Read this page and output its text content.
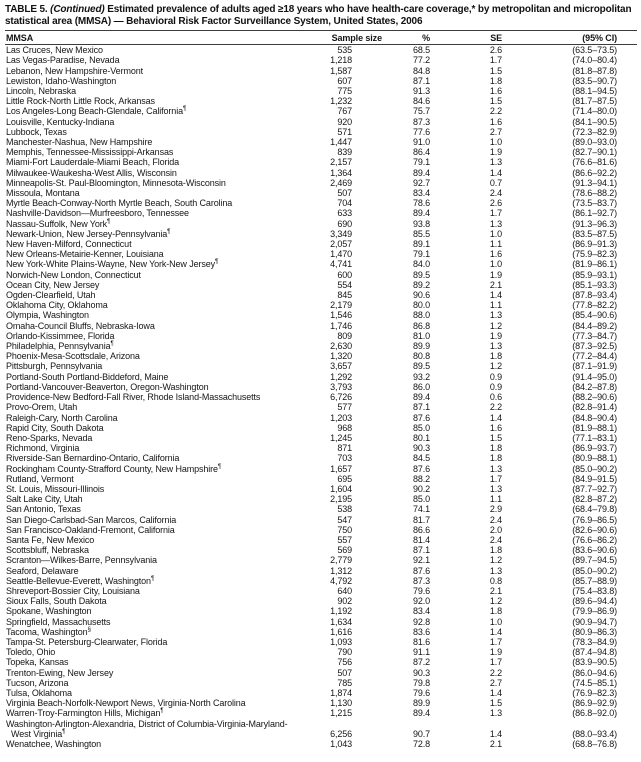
TABLE 5. (Continued) Estimated prevalence of adults aged ≥18 years who have health-care coverage,* by metropolitan and micropolitan statistical area (MMSA) — Behavioral Risk Factor Surveillance System, United States, 2006
MMSA	Sample size	%	SE	(95% CI)
Las Cruces, New Mexico	535	68.5	2.6	(63.5–73.5)
Las Vegas-Paradise, Nevada	1,218	77.2	1.7	(74.0–80.4)
Lebanon, New Hampshire-Vermont	1,587	84.8	1.5	(81.8–87.8)
Lewiston, Idaho-Washington	607	87.1	1.8	(83.5–90.7)
Lincoln, Nebraska	775	91.3	1.6	(88.1–94.5)
Little Rock-North Little Rock, Arkansas	1,232	84.6	1.5	(81.7–87.5)
Los Angeles-Long Beach-Glendale, California¶	767	75.7	2.2	(71.4–80.0)
Louisville, Kentucky-Indiana	920	87.3	1.6	(84.1–90.5)
Lubbock, Texas	571	77.6	2.7	(72.3–82.9)
Manchester-Nashua, New Hampshire	1,447	91.0	1.0	(89.0–93.0)
Memphis, Tennessee-Mississippi-Arkansas	839	86.4	1.9	(82.7–90.1)
Miami-Fort Lauderdale-Miami Beach, Florida	2,157	79.1	1.3	(76.6–81.6)
Milwaukee-Waukesha-West Allis, Wisconsin	1,364	89.4	1.4	(86.6–92.2)
Minneapolis-St. Paul-Bloomington, Minnesota-Wisconsin	2,469	92.7	0.7	(91.3–94.1)
Missoula, Montana	507	83.4	2.4	(78.6–88.2)
Myrtle Beach-Conway-North Myrtle Beach, South Carolina	704	78.6	2.6	(73.5–83.7)
Nashville-Davidson—Murfreesboro, Tennessee	633	89.4	1.7	(86.1–92.7)
Nassau-Suffolk, New York¶	690	93.8	1.3	(91.3–96.3)
Newark-Union, New Jersey-Pennsylvania¶	3,349	85.5	1.0	(83.5–87.5)
New Haven-Milford, Connecticut	2,057	89.1	1.1	(86.9–91.3)
New Orleans-Metairie-Kenner, Louisiana	1,470	79.1	1.6	(75.9–82.3)
New York-White Plains-Wayne, New York-New Jersey¶	4,741	84.0	1.0	(81.9–86.1)
Norwich-New London, Connecticut	600	89.5	1.9	(85.9–93.1)
Ocean City, New Jersey	554	89.2	2.1	(85.1–93.3)
Ogden-Clearfield, Utah	845	90.6	1.4	(87.8–93.4)
Oklahoma City, Oklahoma	2,179	80.0	1.1	(77.8–82.2)
Olympia, Washington	1,546	88.0	1.3	(85.4–90.6)
Omaha-Council Bluffs, Nebraska-Iowa	1,746	86.8	1.2	(84.4–89.2)
Orlando-Kissimmee, Florida	809	81.0	1.9	(77.3–84.7)
Philadelphia, Pennsylvania¶	2,630	89.9	1.3	(87.3–92.5)
Phoenix-Mesa-Scottsdale, Arizona	1,320	80.8	1.8	(77.2–84.4)
Pittsburgh, Pennsylvania	3,657	89.5	1.2	(87.1–91.9)
Portland-South Portland-Biddeford, Maine	1,292	93.2	0.9	(91.4–95.0)
Portland-Vancouver-Beaverton, Oregon-Washington	3,793	86.0	0.9	(84.2–87.8)
Providence-New Bedford-Fall River, Rhode Island-Massachusetts	6,726	89.4	0.6	(88.2–90.6)
Provo-Orem, Utah	577	87.1	2.2	(82.8–91.4)
Raleigh-Cary, North Carolina	1,203	87.6	1.4	(84.8–90.4)
Rapid City, South Dakota	968	85.0	1.6	(81.9–88.1)
Reno-Sparks, Nevada	1,245	80.1	1.5	(77.1–83.1)
Richmond, Virginia	871	90.3	1.8	(86.9–93.7)
Riverside-San Bernardino-Ontario, California	703	84.5	1.8	(80.9–88.1)
Rockingham County-Strafford County, New Hampshire¶	1,657	87.6	1.3	(85.0–90.2)
Rutland, Vermont	695	88.2	1.7	(84.9–91.5)
St. Louis, Missouri-Illinois	1,604	90.2	1.3	(87.7–92.7)
Salt Lake City, Utah	2,195	85.0	1.1	(82.8–87.2)
San Antonio, Texas	538	74.1	2.9	(68.4–79.8)
San Diego-Carlsbad-San Marcos, California	547	81.7	2.4	(76.9–86.5)
San Francisco-Oakland-Fremont, California	750	86.6	2.0	(82.6–90.6)
Santa Fe, New Mexico	557	81.4	2.4	(76.6–86.2)
Scottsbluff, Nebraska	569	87.1	1.8	(83.6–90.6)
Scranton—Wilkes-Barre, Pennsylvania	2,779	92.1	1.2	(89.7–94.5)
Seaford, Delaware	1,312	87.6	1.3	(85.0–90.2)
Seattle-Bellevue-Everett, Washington¶	4,792	87.3	0.8	(85.7–88.9)
Shreveport-Bossier City, Louisiana	640	79.6	2.1	(75.4–83.8)
Sioux Falls, South Dakota	902	92.0	1.2	(89.6–94.4)
Spokane, Washington	1,192	83.4	1.8	(79.9–86.9)
Springfield, Massachusetts	1,634	92.8	1.0	(90.9–94.7)
Tacoma, Washington§	1,616	83.6	1.4	(80.9–86.3)
Tampa-St. Petersburg-Clearwater, Florida	1,093	81.6	1.7	(78.3–84.9)
Toledo, Ohio	790	91.1	1.9	(87.4–94.8)
Topeka, Kansas	756	87.2	1.7	(83.9–90.5)
Trenton-Ewing, New Jersey	507	90.3	2.2	(86.0–94.6)
Tucson, Arizona	785	79.8	2.7	(74.5–85.1)
Tulsa, Oklahoma	1,874	79.6	1.4	(76.9–82.3)
Virginia Beach-Norfolk-Newport News, Virginia-North Carolina	1,130	89.9	1.5	(86.9–92.9)
Warren-Troy-Farmington Hills, Michigan¶	1,215	89.4	1.3	(86.8–92.0)
Washington-Arlington-Alexandria, District of Columbia-Virginia-Maryland-				
West Virginia¶	6,256	90.7	1.4	(88.0–93.4)
Wenatchee, Washington	1,043	72.8	2.1	(68.8–76.8)
